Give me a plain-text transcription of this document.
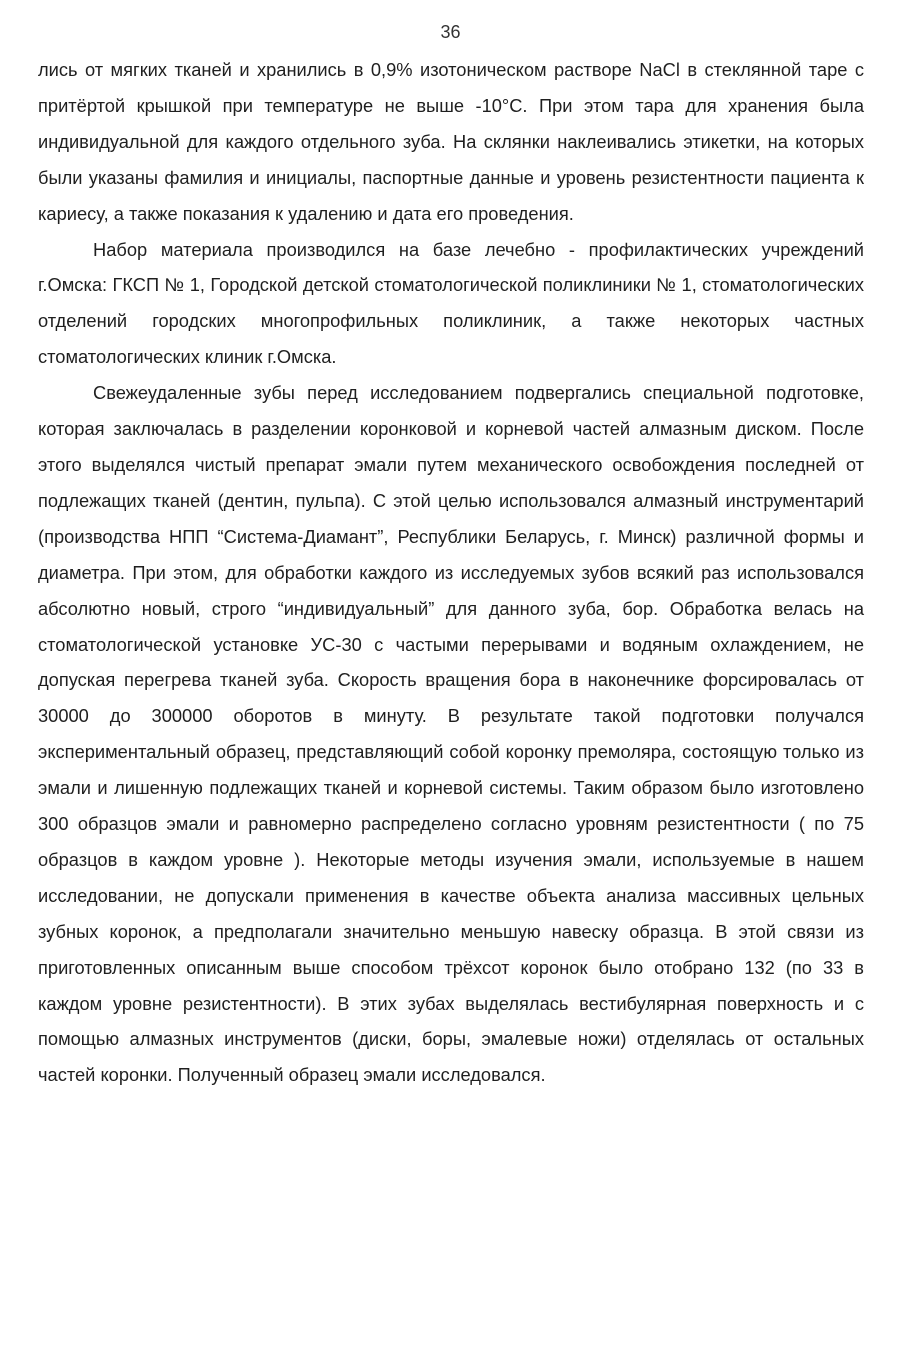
36

лись от мягких тканей и хранились в 0,9% изотоническом растворе NaCl в стеклянной таре с притёртой крышкой при температуре не выше -10°С. При этом тара для хранения была индивидуальной для каждого отдельного зуба. На склянки наклеивались этикетки, на которых были указаны фамилия и инициалы, паспортные данные и уровень резистентности пациента к кариесу, а также показания к удалению и дата его проведения.

Набор материала производился на базе лечебно - профилактических учреждений г.Омска: ГКСП № 1, Городской детской стоматологической поликлиники № 1, стоматологических отделений городских многопрофильных поликлиник, а также некоторых частных стоматологических клиник г.Омска.

Свежеудаленные зубы перед исследованием подвергались специальной подготовке, которая заключалась в разделении коронковой и корневой частей алмазным диском. После этого выделялся чистый препарат эмали путем механического освобождения последней от подлежащих тканей (дентин, пульпа). С этой целью использовался алмазный инструментарий (производства НПП “Система-Диамант”, Республики Беларусь, г. Минск) различной формы и диаметра. При этом, для обработки каждого из исследуемых зубов всякий раз использовался абсолютно новый, строго “индивидуальный” для данного зуба, бор. Обработка велась на стоматологической установке УС-30 с частыми перерывами и водяным охлаждением, не допуская перегрева тканей зуба. Скорость вращения бора в наконечнике форсировалась от 30000 до 300000 оборотов в минуту. В результате такой подготовки получался экспериментальный образец, представляющий собой коронку премоляра, состоящую только из эмали и лишенную подлежащих тканей и корневой системы. Таким образом было изготовлено 300 образцов эмали и равномерно распределено согласно уровням резистентности ( по 75 образцов в каждом уровне ). Некоторые методы изучения эмали, используемые в нашем исследовании, не допускали применения в качестве объекта анализа массивных цельных зубных коронок, а предполагали значительно меньшую навеску образца. В этой связи из приготовленных описанным выше способом трёхсот коронок было отобрано 132 (по 33 в каждом уровне резистентности). В этих зубах выделялась вестибулярная поверхность и с помощью алмазных инструментов (диски, боры, эмалевые ножи) отделялась от остальных частей коронки. Полученный образец эмали исследовался.
